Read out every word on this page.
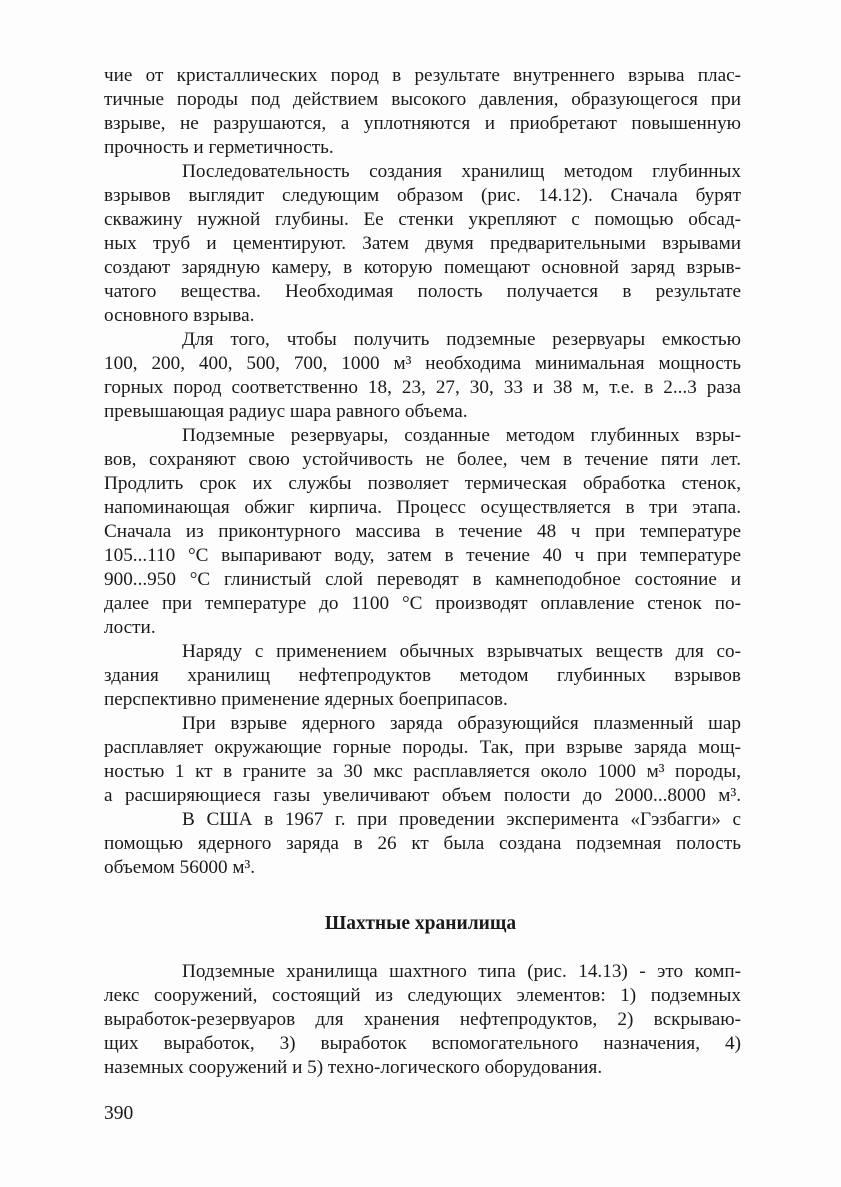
чие от кристаллических пород в результате внутреннего взрыва плас-
тичные породы под действием высокого давления, образующегося при
взрыве, не разрушаются, а уплотняются и приобретают повышенную
прочность и герметичность.
Последовательность создания хранилищ методом глубинных
взрывов выглядит следующим образом (рис. 14.12). Сначала бурят
скважину нужной глубины. Ее стенки укрепляют с помощью обсад-
ных труб и цементируют. Затем двумя предварительными взрывами
создают зарядную камеру, в которую помещают основной заряд взрыв-
чатого вещества. Необходимая полость получается в результате
основного взрыва.
Для того, чтобы получить подземные резервуары емкостью
100, 200, 400, 500, 700, 1000 м³ необходима минимальная мощность
горных пород соответственно 18, 23, 27, 30, 33 и 38 м, т.е. в 2...3 раза
превышающая радиус шара равного объема.
Подземные резервуары, созданные методом глубинных взры-
вов, сохраняют свою устойчивость не более, чем в течение пяти лет.
Продлить срок их службы позволяет термическая обработка стенок,
напоминающая обжиг кирпича. Процесс осуществляется в три этапа.
Сначала из приконтурного массива в течение 48 ч при температуре
105...110 °С выпаривают воду, затем в течение 40 ч при температуре
900...950 °С глинистый слой переводят в камнеподобное состояние и
далее при температуре до 1100 °С производят оплавление стенок по-
лости.
Наряду с применением обычных взрывчатых веществ для со-
здания хранилищ нефтепродуктов методом глубинных взрывов
перспективно применение ядерных боеприпасов.
При взрыве ядерного заряда образующийся плазменный шар
расплавляет окружающие горные породы. Так, при взрыве заряда мощ-
ностью 1 кт в граните за 30 мкс расплавляется около 1000 м³ породы,
а расширяющиеся газы увеличивают объем полости до 2000...8000 м³.
В США в 1967 г. при проведении эксперимента «Гэзбагги» с
помощью ядерного заряда в 26 кт была создана подземная полость
объемом 56000 м³.
Шахтные хранилища
Подземные хранилища шахтного типа (рис. 14.13) - это комп-
лекс сооружений, состоящий из следующих элементов: 1) подземных
выработок-резервуаров для хранения нефтепродуктов, 2) вскрываю-
щих выработок, 3) выработок вспомогательного назначения, 4)
наземных сооружений и 5) техно-логического оборудования.
390
